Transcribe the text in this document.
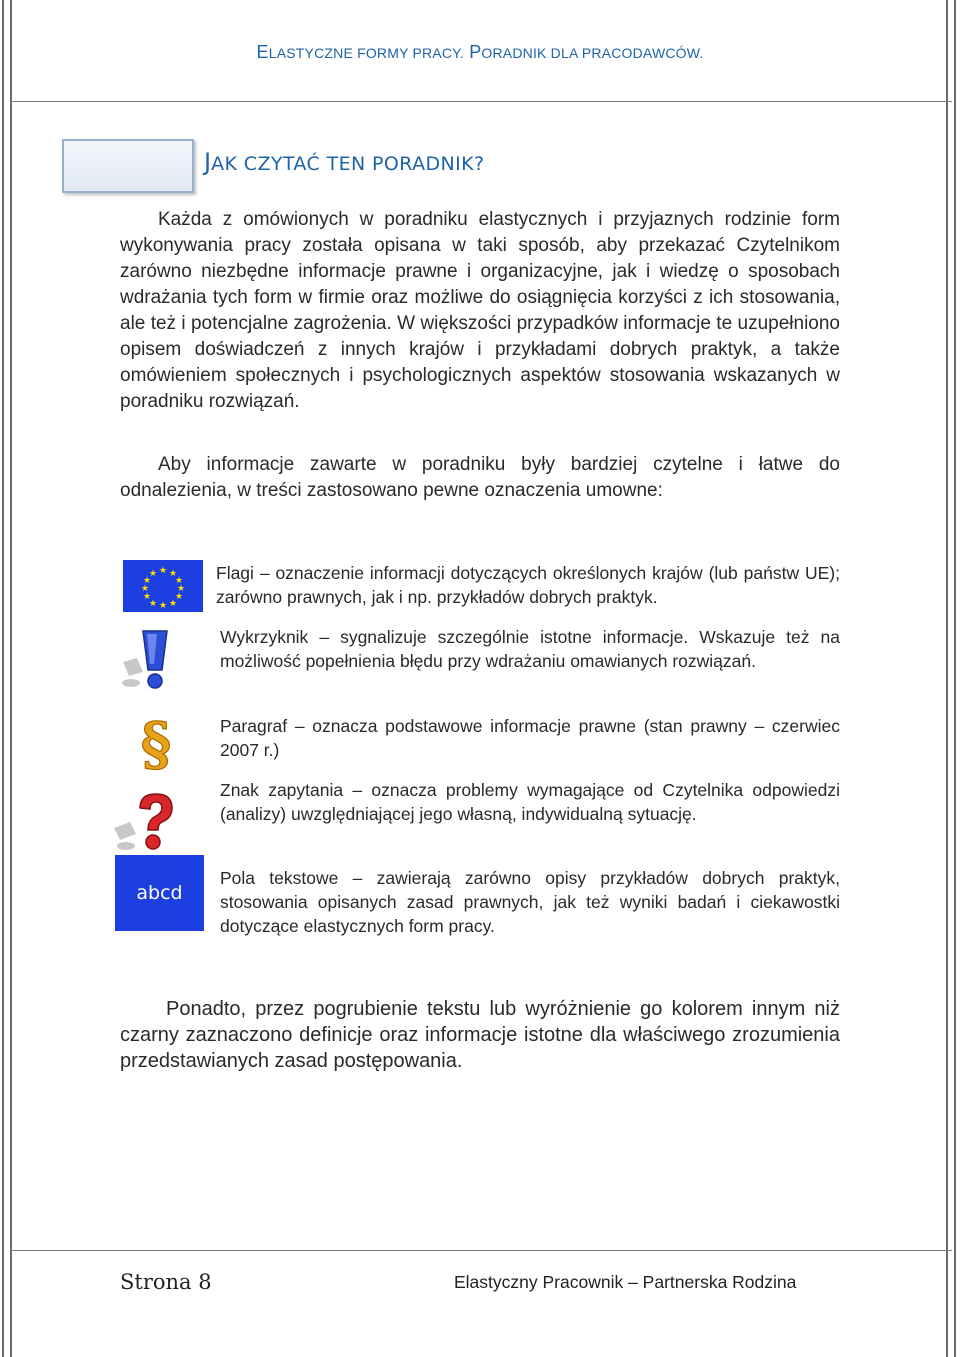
ELASTYCZNE FORMY PRACY. PORADNIK DLA PRACODAWCÓW.
JAK CZYTAĆ TEN PORADNIK?
Każda z omówionych w poradniku elastycznych i przyjaznych rodzinie form wykonywania pracy została opisana w taki sposób, aby przekazać Czytelnikom zarówno niezbędne informacje prawne i organizacyjne, jak i wiedzę o sposobach wdrażania tych form w firmie oraz możliwe do osiągnięcia korzyści z ich stosowania, ale też i potencjalne zagrożenia. W większości przypadków informacje te uzupełniono opisem doświadczeń z innych krajów i przykładami dobrych praktyk, a także omówieniem społecznych i psychologicznych aspektów stosowania wskazanych w poradniku rozwiązań.
Aby informacje zawarte w poradniku były bardziej czytelne i łatwe do odnalezienia, w treści zastosowano pewne oznaczenia umowne:
★ ★
★
★
★
★
★
★
★
★
★
★
§
abcd
Flagi – oznaczenie informacji dotyczących określonych krajów (lub państw UE); zarówno prawnych, jak i np. przykładów dobrych praktyk.
Wykrzyknik – sygnalizuje szczególnie istotne informacje. Wskazuje też na możliwość popełnienia błędu przy wdrażaniu omawianych rozwiązań.
Paragraf – oznacza podstawowe informacje prawne (stan prawny – czerwiec 2007 r.)
Znak zapytania – oznacza problemy wymagające od Czytelnika odpowiedzi (analizy) uwzględniającej jego własną, indywidualną sytuację.
Pola tekstowe – zawierają zarówno opisy przykładów dobrych praktyk, stosowania opisanych zasad prawnych, jak też wyniki badań i ciekawostki dotyczące elastycznych form pracy.
Ponadto, przez pogrubienie tekstu lub wyróżnienie go kolorem innym niż czarny zaznaczono definicje oraz informacje istotne dla właściwego zrozumienia przedstawianych zasad postępowania.
Strona 8	Elastyczny Pracownik – Partnerska Rodzina
